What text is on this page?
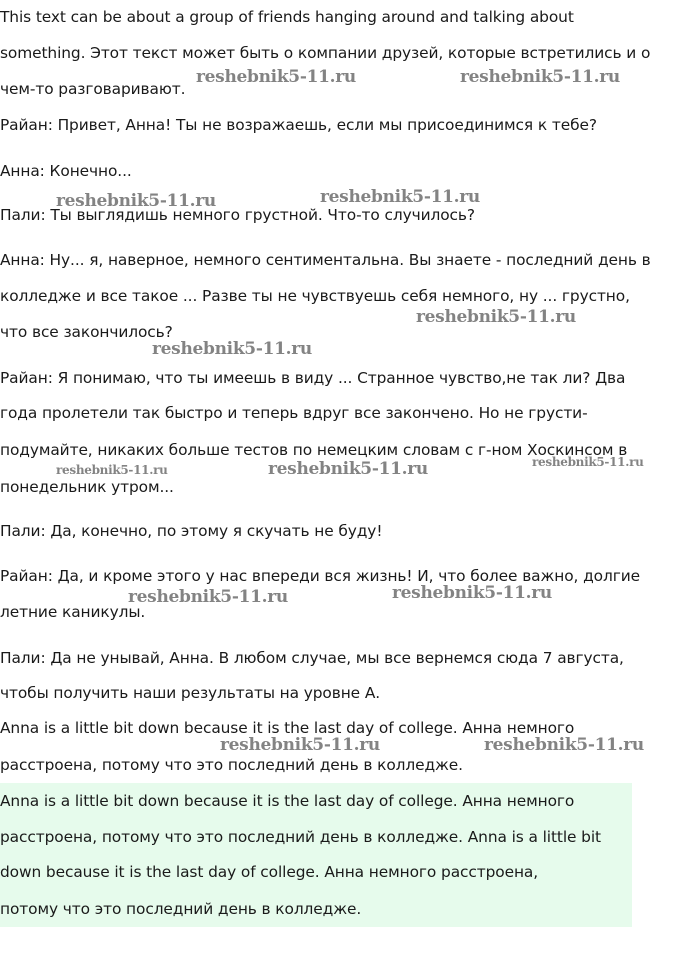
This text can be about a group of friends hanging around and talking about
something. Этот текст может быть о компании друзей, которые встретились и о
чем-то разговаривают.
Райан: Привет, Анна! Ты не возражаешь, если мы присоединимся к тебе?
Анна: Конечно...
Пали: Ты выглядишь немного грустной. Что-то случилось?
Анна: Ну... я, наверное, немного сентиментальна. Вы знаете - последний день в
колледже и все такое ... Разве ты не чувствуешь себя немного, ну ... грустно,
что все закончилось?
Райан: Я понимаю, что ты имеешь в виду ... Странное чувство,не так ли? Два
года пролетели так быстро и теперь вдруг все закончено. Но не грусти-
подумайте, никаких больше тестов по немецким словам с г-ном Хоскинсом в
понедельник утром...
Пали: Да, конечно, по этому я скучать не буду!
Райан: Да, и кроме этого у нас впереди вся жизнь! И, что более важно, долгие
летние каникулы.
Пали: Да не унывай, Анна. В любом случае, мы все вернемся сюда 7 августа,
чтобы получить наши результаты на уровне А.
Anna is a little bit down because it is the last day of college. Анна немного
расстроена, потому что это последний день в колледже.
Anna is a little bit down because it is the last day of college. Анна немного
расстроена, потому что это последний день в колледже. Anna is a little bit
down because it is the last day of college. Анна немного расстроена,
потому что это последний день в колледже.
reshebnik5-11.ru	reshebnik5-11.ru
reshebnik5-11.ru	reshebnik5-11.ru
reshebnik5-11.ru
reshebnik5-11.ru
reshebnik5-11.ru	reshebnik5-11.ru	reshebnik5-11.ru
reshebnik5-11.ru	reshebnik5-11.ru
reshebnik5-11.ru	reshebnik5-11.ru
